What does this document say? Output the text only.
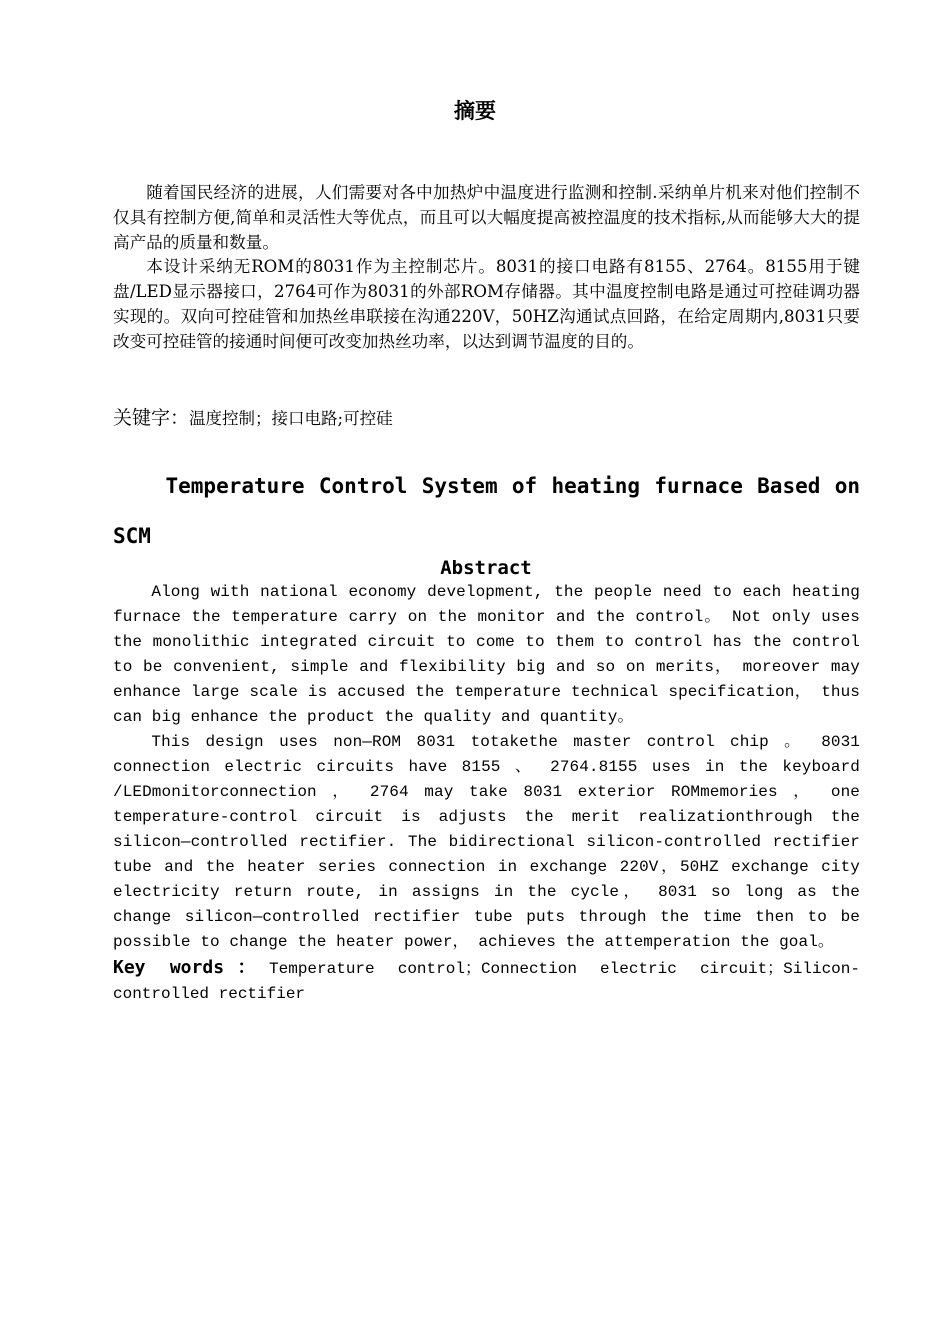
摘要

随着国民经济的进展，人们需要对各中加热炉中温度进行监测和控制.采纳单片机来对他们控制不仅具有控制方便,简单和灵活性大等优点，而且可以大幅度提高被控温度的技术指标,从而能够大大的提高产品的质量和数量。

本设计采纳无ROM的8031作为主控制芯片。8031的接口电路有8155、2764。8155用于键盘/LED显示器接口，2764可作为8031的外部ROM存储器。其中温度控制电路是通过可控硅调功器实现的。双向可控硅管和加热丝串联接在沟通220V，50HZ沟通试点回路，在给定周期内,8031只要改变可控硅管的接通时间便可改变加热丝功率，以达到调节温度的目的。

关键字：温度控制；接口电路;可控硅
Temperature Control System of heating furnace Based on SCM
Abstract

Along with national economy development, the people need to each heating furnace the temperature carry on the monitor and the control。 Not only uses the monolithic integrated circuit to come to them to control has the control to be convenient, simple and flexibility big and so on merits， moreover may enhance large scale is accused the temperature technical specification， thus can big enhance the product the quality and quantity。

This design uses non—ROM 8031 totakethe master control chip 。 8031 connection electric circuits have 8155 、 2764.8155 uses in the keyboard /LEDmonitorconnection ， 2764 may take 8031 exterior ROMmemories ， one temperature-control circuit is adjusts the merit realizationthrough the silicon—controlled rectifier. The bidirectional silicon-controlled rectifier tube and the heater series connection in exchange 220V，50HZ exchange city electricity return route, in assigns in the cycle， 8031 so long as the change silicon—controlled rectifier tube puts through the time then to be possible to change the heater power， achieves the attemperation the goal。

Key words：Temperature control；Connection electric circuit；Silicon-controlled rectifier
